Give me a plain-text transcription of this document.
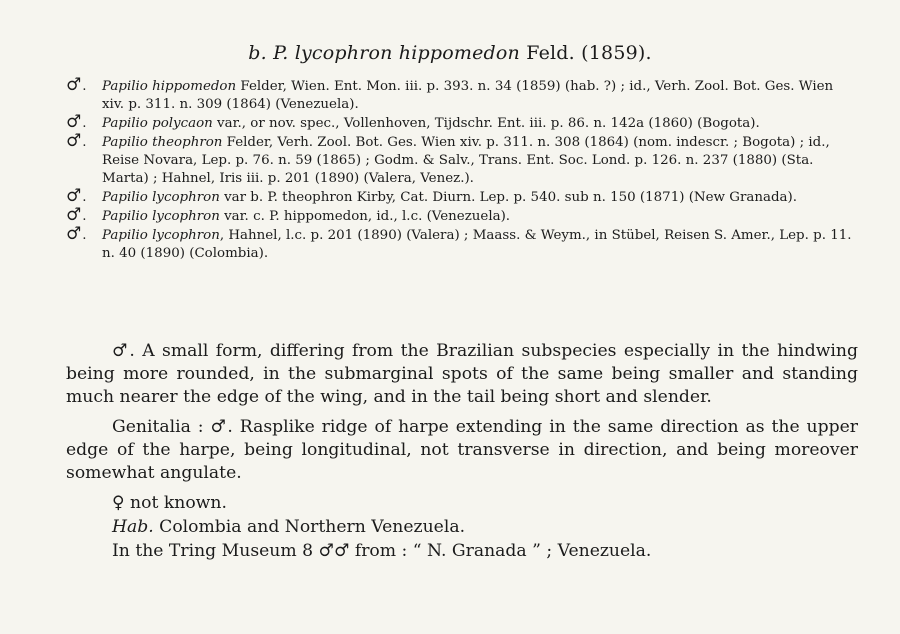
b. P. lycophron hippomedon Feld. (1859).
♂ .	Papilio hippomedon Felder, Wien. Ent. Mon. iii. p. 393. n. 34 (1859) (hab. ?) ; id., Verh. Zool. Bot. Ges. Wien xiv. p. 311. n. 309 (1864) (Venezuela).
♂ .	Papilio polycaon var., or nov. spec., Vollenhoven, Tijdschr. Ent. iii. p. 86. n. 142a (1860) (Bogota).
♂ .	Papilio theophron Felder, Verh. Zool. Bot. Ges. Wien xiv. p. 311. n. 308 (1864) (nom. indescr. ; Bogota) ; id., Reise Novara, Lep. p. 76. n. 59 (1865) ; Godm. & Salv., Trans. Ent. Soc. Lond. p. 126. n. 237 (1880) (Sta. Marta) ; Hahnel, Iris iii. p. 201 (1890) (Valera, Venez.).
♂ .	Papilio lycophron var b. P. theophron Kirby, Cat. Diurn. Lep. p. 540. sub n. 150 (1871) (New Granada).
♂ .	Papilio lycophron var. c. P. hippomedon, id., l.c. (Venezuela).
♂ .	Papilio lycophron, Hahnel, l.c. p. 201 (1890) (Valera) ; Maass. & Weym., in Stübel, Reisen S. Amer., Lep. p. 11. n. 40 (1890) (Colombia).

♂. A small form, differing from the Brazilian subspecies especially in the hindwing being more rounded, in the submarginal spots of the same being smaller and standing much nearer the edge of the wing, and in the tail being short and slender.

Genitalia : ♂. Rasplike ridge of harpe extending in the same direction as the upper edge of the harpe, being longitudinal, not transverse in direction, and being moreover somewhat angulate.

♀ not known.

Hab. Colombia and Northern Venezuela.

In the Tring Museum 8 ♂♂ from : “ N. Granada ” ; Venezuela.
